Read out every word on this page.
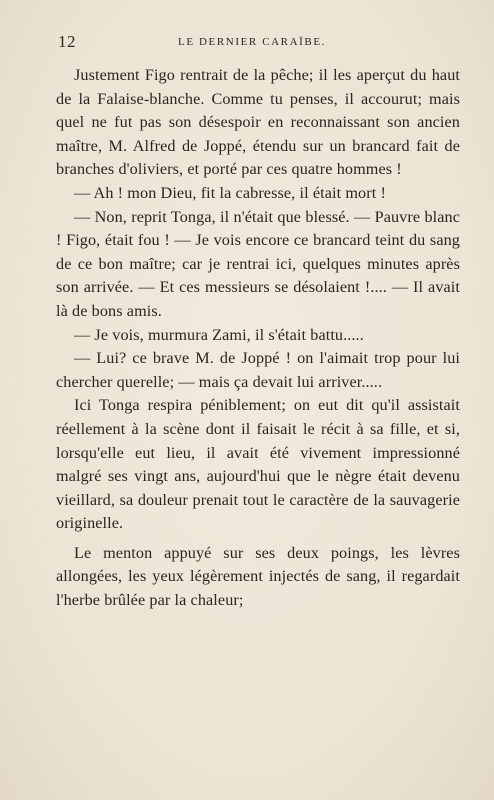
12	LE DERNIER CARAÏBE.

Justement Figo rentrait de la pêche; il les aperçut du haut de la Falaise-blanche. Comme tu penses, il accourut; mais quel ne fut pas son désespoir en reconnaissant son ancien maître, M. Alfred de Joppé, étendu sur un brancard fait de branches d'oliviers, et porté par ces quatre hommes !

— Ah ! mon Dieu, fit la cabresse, il était mort !

— Non, reprit Tonga, il n'était que blessé. — Pauvre blanc ! Figo, était fou ! — Je vois encore ce brancard teint du sang de ce bon maître; car je rentrai ici, quelques minutes après son arrivée. — Et ces messieurs se désolaient !.... — Il avait là de bons amis.

— Je vois, murmura Zami, il s'était battu.....

— Lui? ce brave M. de Joppé ! on l'aimait trop pour lui chercher querelle; — mais ça devait lui arriver.....

Ici Tonga respira péniblement; on eut dit qu'il assistait réellement à la scène dont il faisait le récit à sa fille, et si, lorsqu'elle eut lieu, il avait été vivement impressionné malgré ses vingt ans, aujourd'hui que le nègre était devenu vieillard, sa douleur prenait tout le caractère de la sauvagerie originelle.

Le menton appuyé sur ses deux poings, les lèvres allongées, les yeux légèrement injectés de sang, il regardait l'herbe brûlée par la chaleur;
